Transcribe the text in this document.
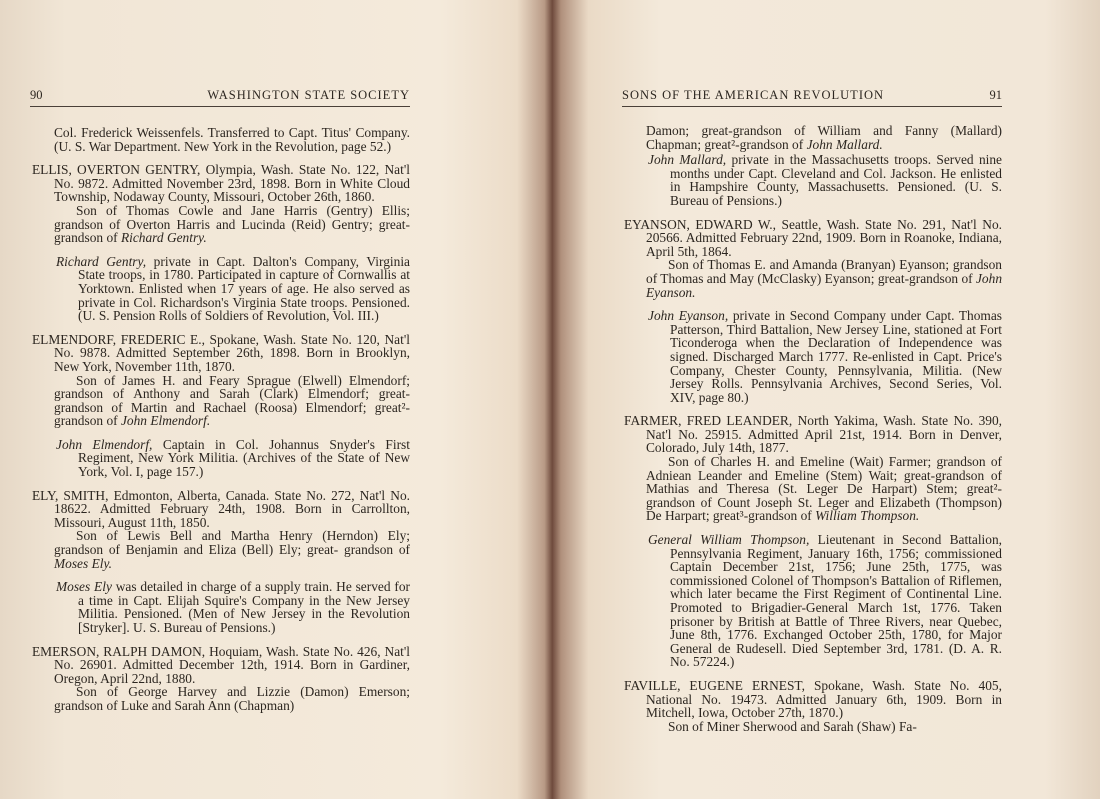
90	WASHINGTON STATE SOCIETY

Col. Frederick Weissenfels. Transferred to Capt. Titus' Company. (U. S. War Department. New York in the Revolution, page 52.)

ELLIS, OVERTON GENTRY, Olympia, Wash. State No. 122, Nat'l No. 9872. Admitted November 23rd, 1898. Born in White Cloud Township, Nodaway County, Missouri, October 26th, 1860.

Son of Thomas Cowle and Jane Harris (Gentry) Ellis; grandson of Overton Harris and Lucinda (Reid) Gentry; great-grandson of Richard Gentry.

Richard Gentry, private in Capt. Dalton's Company, Virginia State troops, in 1780. Participated in capture of Cornwallis at Yorktown. Enlisted when 17 years of age. He also served as private in Col. Richardson's Virginia State troops. Pensioned. (U. S. Pension Rolls of Soldiers of Revolution, Vol. III.)

ELMENDORF, FREDERIC E., Spokane, Wash. State No. 120, Nat'l No. 9878. Admitted September 26th, 1898. Born in Brooklyn, New York, November 11th, 1870.

Son of James H. and Feary Sprague (Elwell) Elmendorf; grandson of Anthony and Sarah (Clark) Elmendorf; great-grandson of Martin and Rachael (Roosa) Elmendorf; great²-grandson of John Elmendorf.

John Elmendorf, Captain in Col. Johannus Snyder's First Regiment, New York Militia. (Archives of the State of New York, Vol. I, page 157.)

ELY, SMITH, Edmonton, Alberta, Canada. State No. 272, Nat'l No. 18622. Admitted February 24th, 1908. Born in Carrollton, Missouri, August 11th, 1850.

Son of Lewis Bell and Martha Henry (Herndon) Ely; grandson of Benjamin and Eliza (Bell) Ely; great- grandson of Moses Ely.

Moses Ely was detailed in charge of a supply train. He served for a time in Capt. Elijah Squire's Company in the New Jersey Militia. Pensioned. (Men of New Jersey in the Revolution [Stryker]. U. S. Bureau of Pensions.)

EMERSON, RALPH DAMON, Hoquiam, Wash. State No. 426, Nat'l No. 26901. Admitted December 12th, 1914. Born in Gardiner, Oregon, April 22nd, 1880.

Son of George Harvey and Lizzie (Damon) Emerson; grandson of Luke and Sarah Ann (Chapman)

SONS OF THE AMERICAN REVOLUTION	91

Damon; great-grandson of William and Fanny (Mallard) Chapman; great²-grandson of John Mallard.

John Mallard, private in the Massachusetts troops. Served nine months under Capt. Cleveland and Col. Jackson. He enlisted in Hampshire County, Massachusetts. Pensioned. (U. S. Bureau of Pensions.)

EYANSON, EDWARD W., Seattle, Wash. State No. 291, Nat'l No. 20566. Admitted February 22nd, 1909. Born in Roanoke, Indiana, April 5th, 1864.

Son of Thomas E. and Amanda (Branyan) Eyanson; grandson of Thomas and May (McClasky) Eyanson; great-grandson of John Eyanson.

John Eyanson, private in Second Company under Capt. Thomas Patterson, Third Battalion, New Jersey Line, stationed at Fort Ticonderoga when the Declaration of Independence was signed. Discharged March 1777. Re-enlisted in Capt. Price's Company, Chester County, Pennsylvania, Militia. (New Jersey Rolls. Pennsylvania Archives, Second Series, Vol. XIV, page 80.)

FARMER, FRED LEANDER, North Yakima, Wash. State No. 390, Nat'l No. 25915. Admitted April 21st, 1914. Born in Denver, Colorado, July 14th, 1877.

Son of Charles H. and Emeline (Wait) Farmer; grandson of Adniean Leander and Emeline (Stem) Wait; great-grandson of Mathias and Theresa (St. Leger De Harpart) Stem; great²-grandson of Count Joseph St. Leger and Elizabeth (Thompson) De Harpart; great³-grandson of William Thompson.

General William Thompson, Lieutenant in Second Battalion, Pennsylvania Regiment, January 16th, 1756; commissioned Captain December 21st, 1756; June 25th, 1775, was commissioned Colonel of Thompson's Battalion of Riflemen, which later became the First Regiment of Continental Line. Promoted to Brigadier-General March 1st, 1776. Taken prisoner by British at Battle of Three Rivers, near Quebec, June 8th, 1776. Exchanged October 25th, 1780, for Major General de Rudesell. Died September 3rd, 1781. (D. A. R. No. 57224.)

FAVILLE, EUGENE ERNEST, Spokane, Wash. State No. 405, National No. 19473. Admitted January 6th, 1909. Born in Mitchell, Iowa, October 27th, 1870.)

Son of Miner Sherwood and Sarah (Shaw) Fa-
